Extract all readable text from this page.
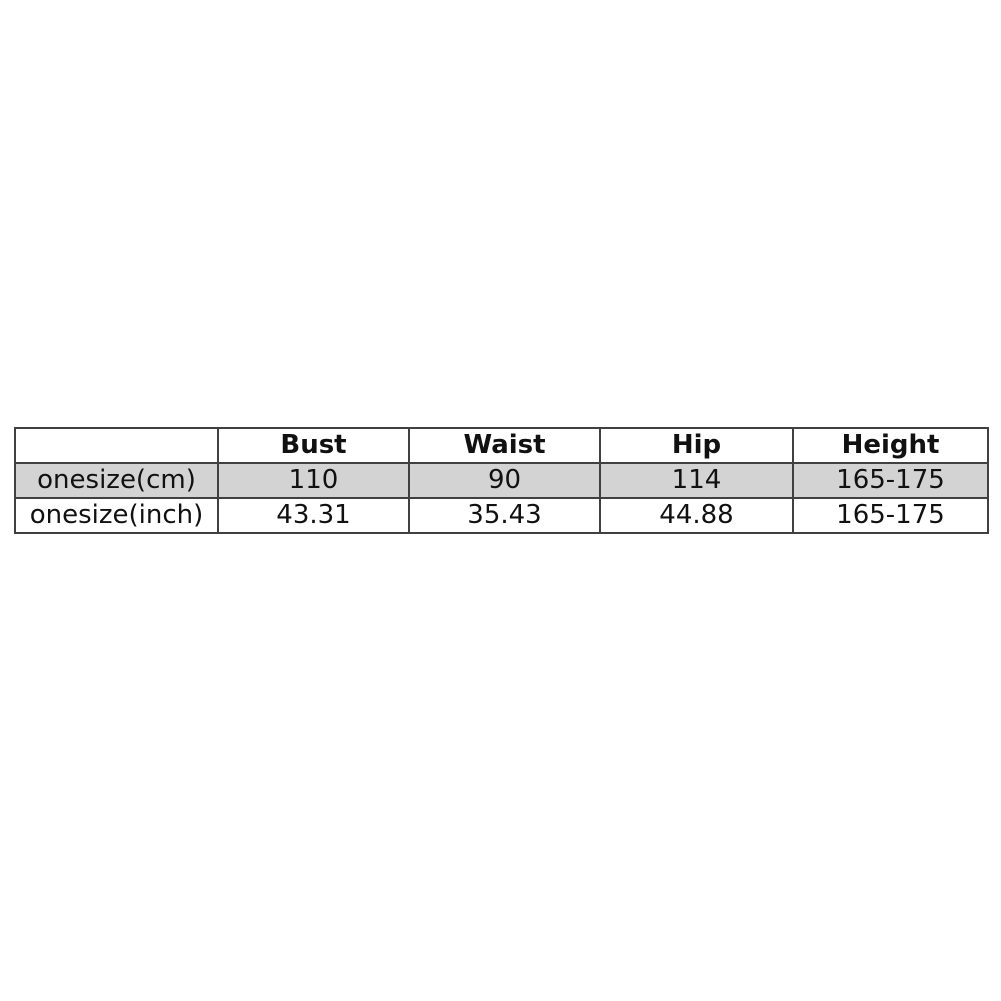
	Bust	Waist	Hip	Height
onesize(cm)	110	90	114	165-175
onesize(inch)	43.31	35.43	44.88	165-175
